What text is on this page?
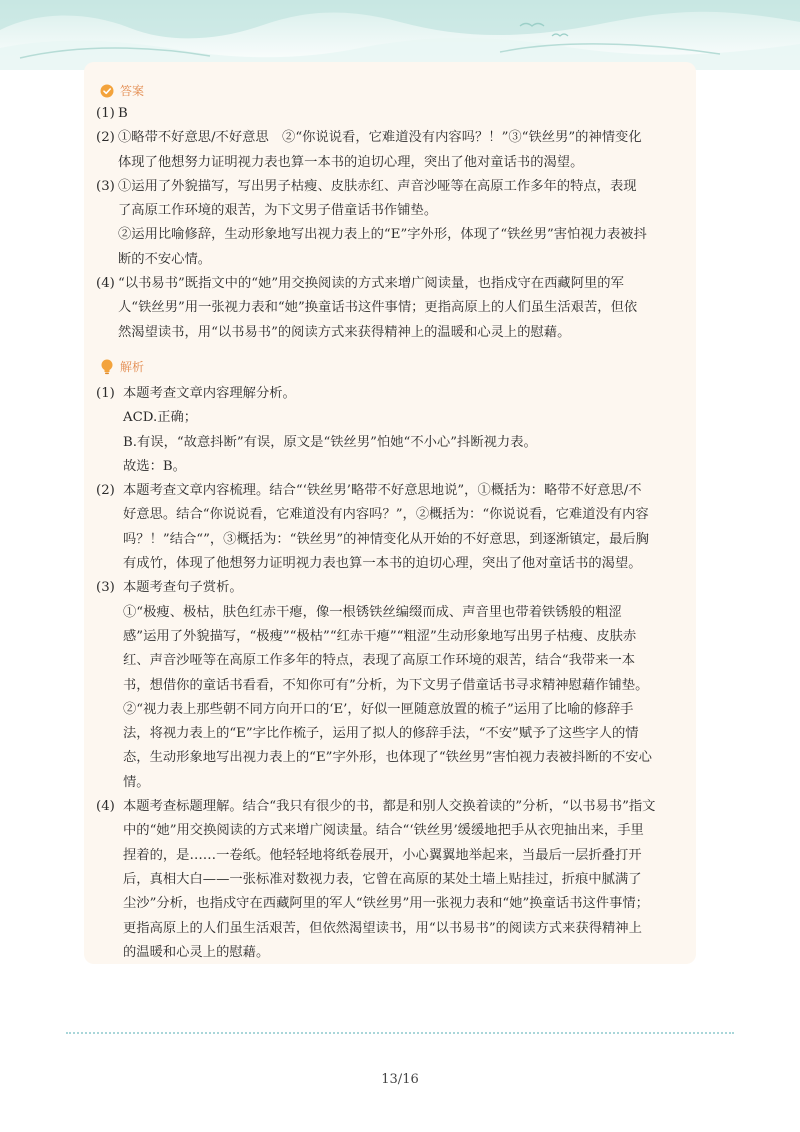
答案
(1) B
(2) ①略带不好意思/不好意思　②“你说说看，它难道没有内容吗？！”③“铁丝男”的神情变化
体现了他想努力证明视力表也算一本书的迫切心理，突出了他对童话书的渴望。
(3) ①运用了外貌描写，写出男子枯瘦、皮肤赤红、声音沙哑等在高原工作多年的特点，表现
了高原工作环境的艰苦，为下文男子借童话书作铺垫。
②运用比喻修辞，生动形象地写出视力表上的“E”字外形，体现了“铁丝男”害怕视力表被抖
断的不安心情。
(4) “以书易书”既指文中的“她”用交换阅读的方式来增广阅读量，也指戍守在西藏阿里的军
人“铁丝男”用一张视力表和“她”换童话书这件事情；更指高原上的人们虽生活艰苦，但依
然渴望读书，用“以书易书”的阅读方式来获得精神上的温暖和心灵上的慰藉。
解析
(1) 本题考查文章内容理解分析。
ACD.正确；
B.有误，“故意抖断”有误，原文是“铁丝男”怕她“不小心”抖断视力表。
故选：B。
(2) 本题考查文章内容梳理。结合“‘铁丝男’略带不好意思地说”，①概括为：略带不好意思/不
好意思。结合“你说说看，它难道没有内容吗？”，②概括为：“你说说看，它难道没有内容
吗？！”结合“”，③概括为：“铁丝男”的神情变化从开始的不好意思，到逐渐镇定，最后胸
有成竹，体现了他想努力证明视力表也算一本书的迫切心理，突出了他对童话书的渴望。
(3) 本题考查句子赏析。
①“极瘦、极枯，肤色红赤干瘪，像一根锈铁丝编缀而成、声音里也带着铁锈般的粗涩
感”运用了外貌描写，“极瘦”“极枯”“红赤干瘪”“粗涩”生动形象地写出男子枯瘦、皮肤赤
红、声音沙哑等在高原工作多年的特点，表现了高原工作环境的艰苦，结合“我带来一本
书，想借你的童话书看看，不知你可有”分析，为下文男子借童话书寻求精神慰藉作铺垫。
②“视力表上那些朝不同方向开口的‘E’，好似一匣随意放置的梳子”运用了比喻的修辞手
法，将视力表上的“E”字比作梳子，运用了拟人的修辞手法，“不安”赋予了这些字人的情
态，生动形象地写出视力表上的“E”字外形，也体现了“铁丝男”害怕视力表被抖断的不安心
情。
(4) 本题考查标题理解。结合“我只有很少的书，都是和别人交换着读的”分析，“以书易书”指文
中的“她”用交换阅读的方式来增广阅读量。结合“‘铁丝男’缓缓地把手从衣兜抽出来，手里
捏着的，是……一卷纸。他轻轻地将纸卷展开，小心翼翼地举起来，当最后一层折叠打开
后，真相大白——一张标准对数视力表，它曾在高原的某处土墙上贴挂过，折痕中腻满了
尘沙”分析，也指戍守在西藏阿里的军人“铁丝男”用一张视力表和“她”换童话书这件事情；
更指高原上的人们虽生活艰苦，但依然渴望读书，用“以书易书”的阅读方式来获得精神上
的温暖和心灵上的慰藉。
13/16
